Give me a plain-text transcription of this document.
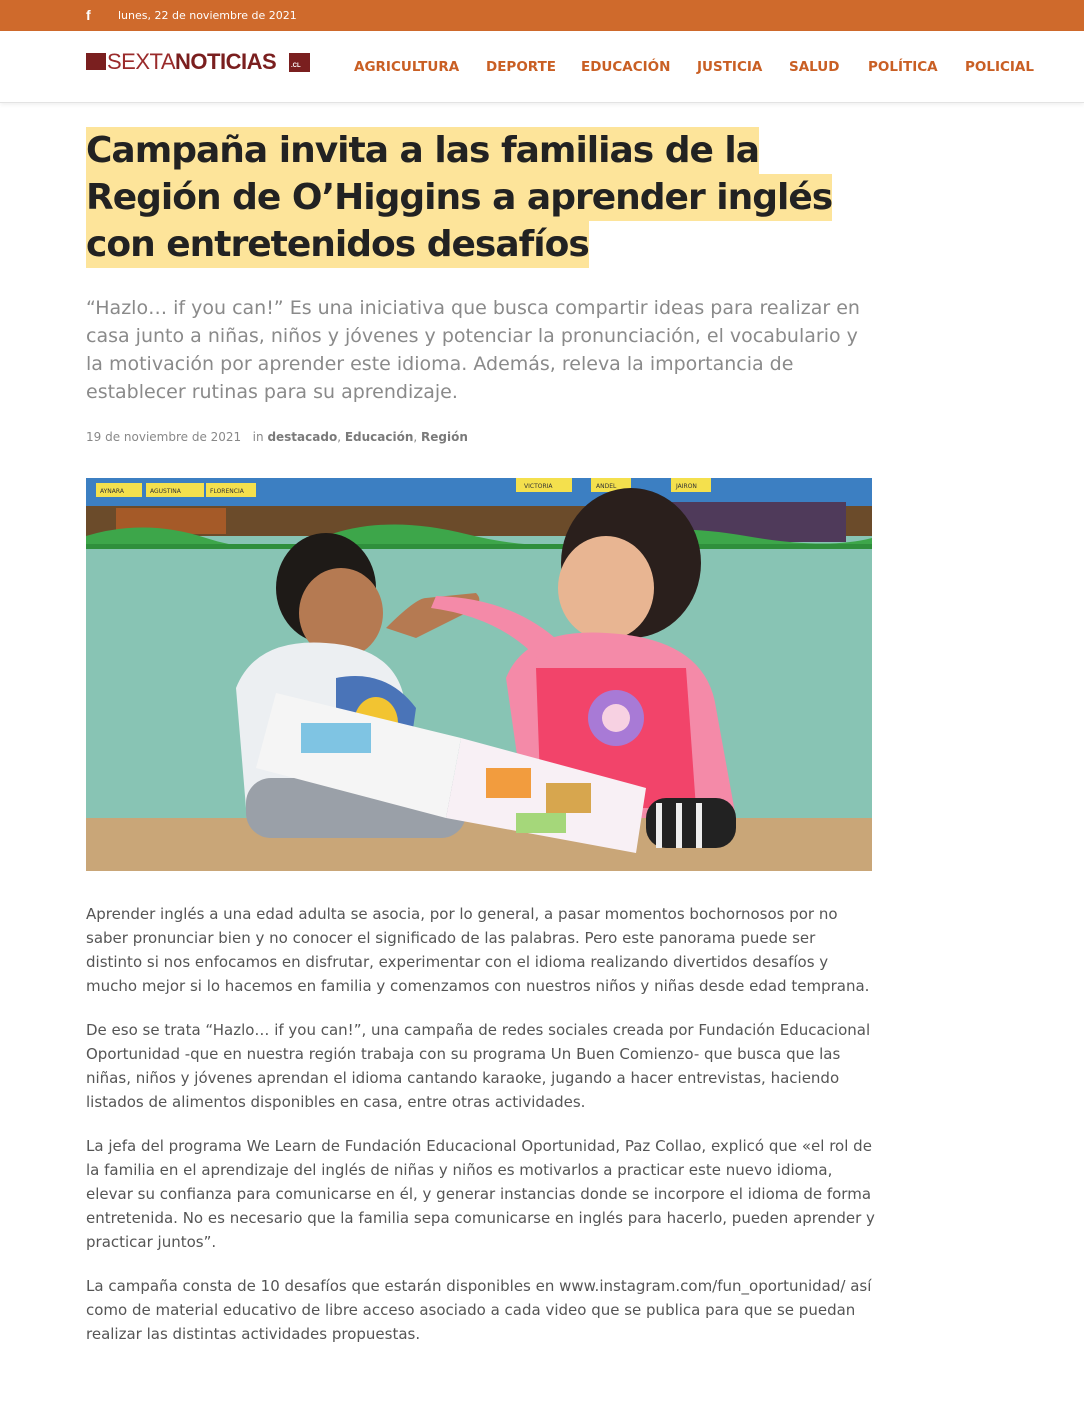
f lunes, 22 de noviembre de 2021
SEXTANOTICIAS .CL	AGRICULTURA DEPORTE EDUCACIÓN JUSTICIA SALUD POLÍTICA POLICIAL
Campaña invita a las familias de la
Región de O’Higgins a aprender inglés
con entretenidos desafíos
“Hazlo… if you can!” Es una iniciativa que busca compartir ideas para realizar en casa junto a niñas, niños y jóvenes y potenciar la pronunciación, el vocabulario y la motivación por aprender este idioma. Además, releva la importancia de establecer rutinas para su aprendizaje.
19 de noviembre de 2021 in destacado, Educación, Región
AYNARA	AGUSTINA	FLORENCIA
VICTORIA	ANDEL	JAIRON

Aprender inglés a una edad adulta se asocia, por lo general, a pasar momentos bochornosos por no saber pronunciar bien y no conocer el significado de las palabras. Pero este panorama puede ser distinto si nos enfocamos en disfrutar, experimentar con el idioma realizando divertidos desafíos y mucho mejor si lo hacemos en familia y comenzamos con nuestros niños y niñas desde edad temprana.

De eso se trata “Hazlo… if you can!”, una campaña de redes sociales creada por Fundación Educacional Oportunidad -que en nuestra región trabaja con su programa Un Buen Comienzo- que busca que las niñas, niños y jóvenes aprendan el idioma cantando karaoke, jugando a hacer entrevistas, haciendo listados de alimentos disponibles en casa, entre otras actividades.

La jefa del programa We Learn de Fundación Educacional Oportunidad, Paz Collao, explicó que «el rol de la familia en el aprendizaje del inglés de niñas y niños es motivarlos a practicar este nuevo idioma, elevar su confianza para comunicarse en él, y generar instancias donde se incorpore el idioma de forma entretenida. No es necesario que la familia sepa comunicarse en inglés para hacerlo, pueden aprender y practicar juntos”.

La campaña consta de 10 desafíos que estarán disponibles en www.instagram.com/fun_oportunidad/ así como de material educativo de libre acceso asociado a cada video que se publica para que se puedan realizar las distintas actividades propuestas.
